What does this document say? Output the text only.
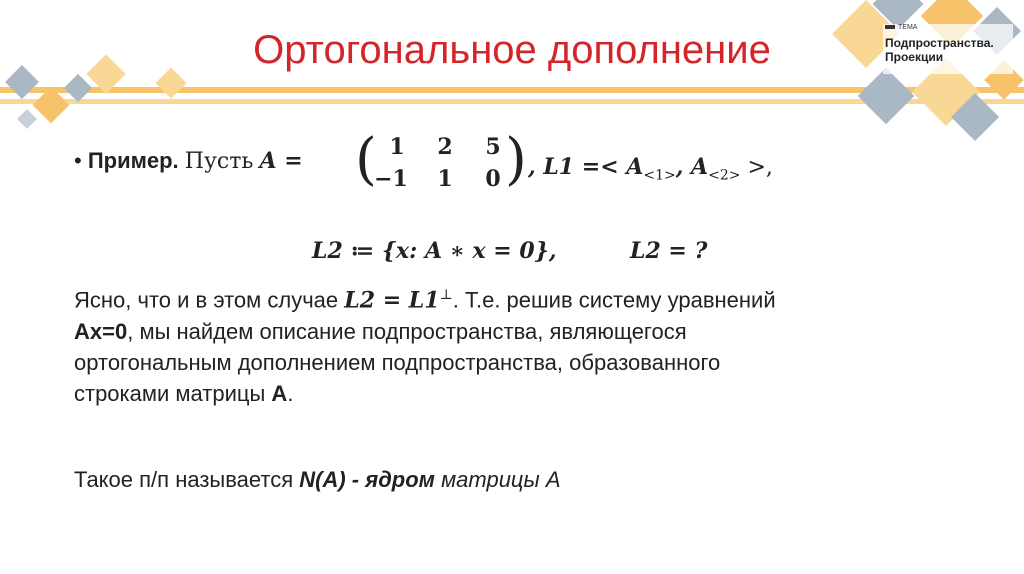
Ортогональное дополнение
ТЕМА
Подпространства.
Проекции
• Пример. Пусть A = ( )
1	2	5
−1	1	0	, $L1 =< A_{<1>}$, $A_{<2>}$ >,
L2 ≔ {x: A ∗ x = 0},	L2 = ?
Ясно, что и в этом случае L2 = L1⊥. Т.е. решив систему уравнений
Ax=0, мы найдем описание подпространства, являющегося
ортогональным дополнением подпространства, образованного
строками матрицы A.
Такое п/п называется N(A) - ядром матрицы A
